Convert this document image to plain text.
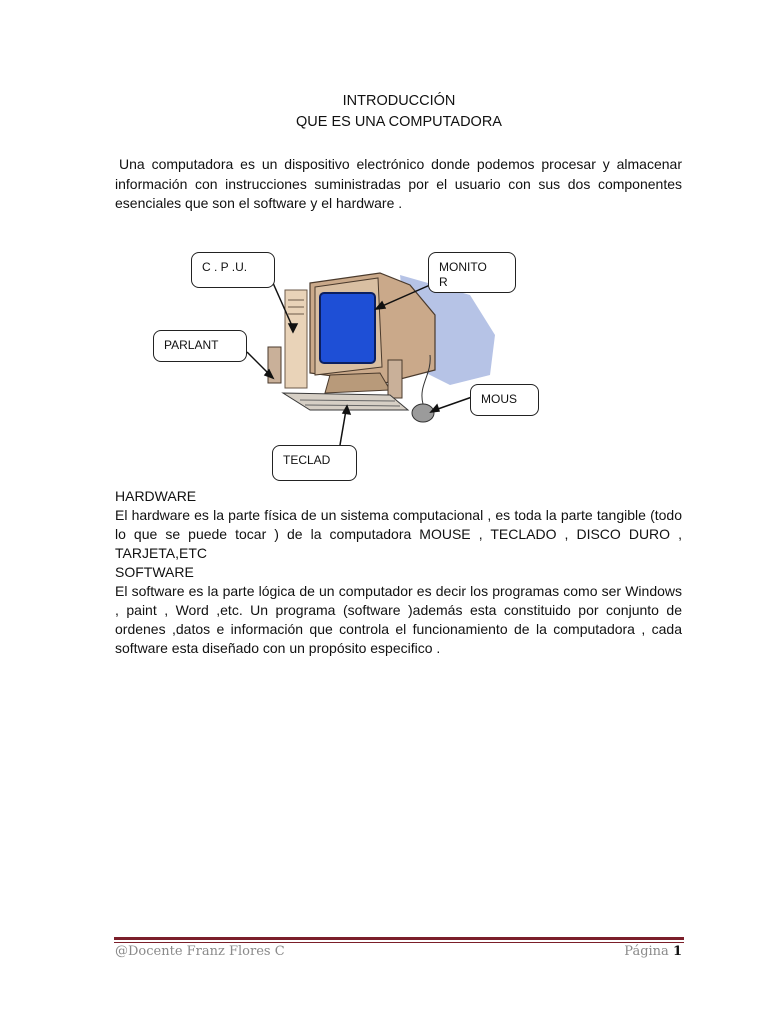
INTRODUCCIÓN
QUE ES UNA COMPUTADORA
Una computadora es un dispositivo electrónico donde podemos procesar y almacenar información con instrucciones suministradas por el usuario con sus dos componentes esenciales que son el software y el hardware .
C . P .U.	MONITO R
PARLANT
MOUS
TECLAD

HARDWARE

El hardware es la parte física de un sistema computacional , es toda la parte tangible (todo lo que se puede tocar ) de la computadora MOUSE , TECLADO , DISCO DURO , TARJETA,ETC

SOFTWARE

El software es la parte lógica de un computador es decir los programas como ser Windows , paint , Word ,etc. Un programa (software )además esta constituido por conjunto de ordenes ,datos e información que controla el funcionamiento de la computadora , cada software esta diseñado con un propósito especifico .

@Docente Franz Flores C	Página 1
